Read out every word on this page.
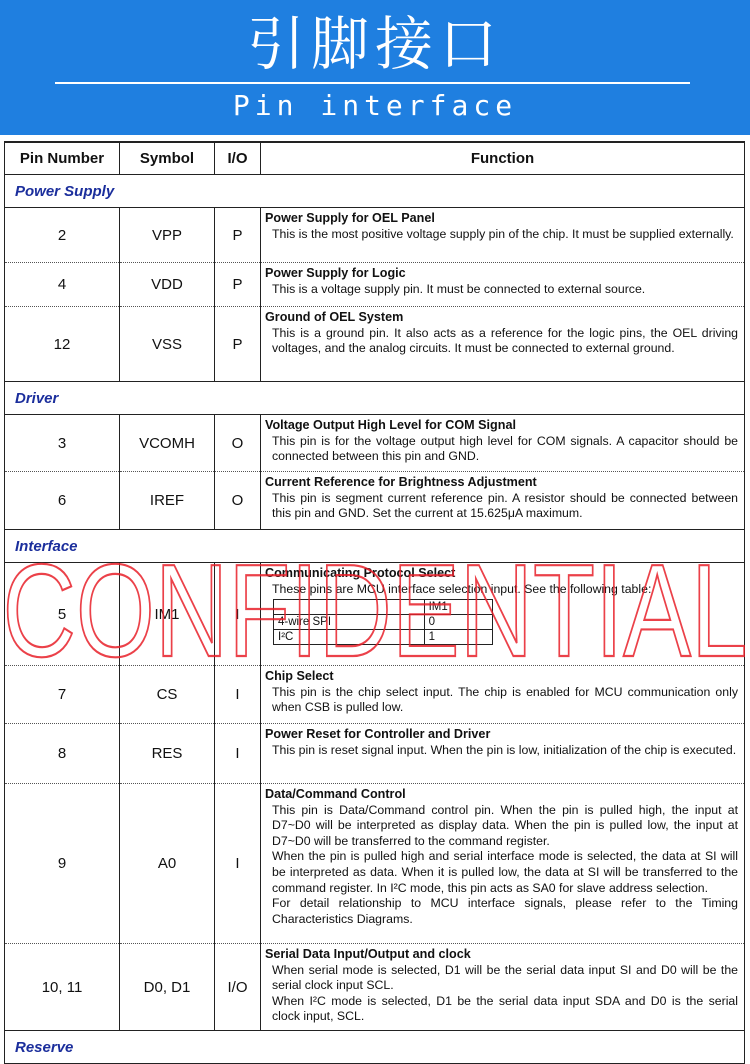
引脚接口
Pin interface
Pin Number	Symbol	I/O	Function
Power Supply
2	VPP	P	
Power Supply for OEL Panel

This is the most positive voltage supply pin of the chip. It must be supplied externally.

4	VDD	P	
Power Supply for Logic

This is a voltage supply pin. It must be connected to external source.

12	VSS	P	
Ground of OEL System

This is a ground pin. It also acts as a reference for the logic pins, the OEL driving voltages, and the analog circuits. It must be connected to external ground.

Driver
3	VCOMH	O	
Voltage Output High Level for COM Signal

This pin is for the voltage output high level for COM signals. A capacitor should be connected between this pin and GND.

6	IREF	O	
Current Reference for Brightness Adjustment

This pin is segment current reference pin. A resistor should be connected between this pin and GND. Set the current at 15.625μA maximum.

Interface
5	IM1	I	
Communicating Protocol Select

These pins are MCU interface selection input. See the following table:

	IM1
4-wire SPI	0
I²C	1

7	CS	I	
Chip Select

This pin is the chip select input. The chip is enabled for MCU communication only when CSB is pulled low.

8	RES	I	
Power Reset for Controller and Driver

This pin is reset signal input. When the pin is low, initialization of the chip is executed.

9	A0	I	
Data/Command Control

This pin is Data/Command control pin. When the pin is pulled high, the input at D7~D0 will be interpreted as display data. When the pin is pulled low, the input at D7~D0 will be transferred to the command register.

When the pin is pulled high and serial interface mode is selected, the data at SI will be interpreted as data. When it is pulled low, the data at SI will be transferred to the command register. In I²C mode, this pin acts as SA0 for slave address selection.

For detail relationship to MCU interface signals, please refer to the Timing Characteristics Diagrams.

10, 11	D0, D1	I/O	
Serial Data Input/Output and clock

When serial mode is selected, D1 will be the serial data input SI and D0 will be the serial clock input SCL.

When I²C mode is selected, D1 be the serial data input SDA and D0 is the serial clock input, SCL.

Reserve
CONFIDENTIAL
